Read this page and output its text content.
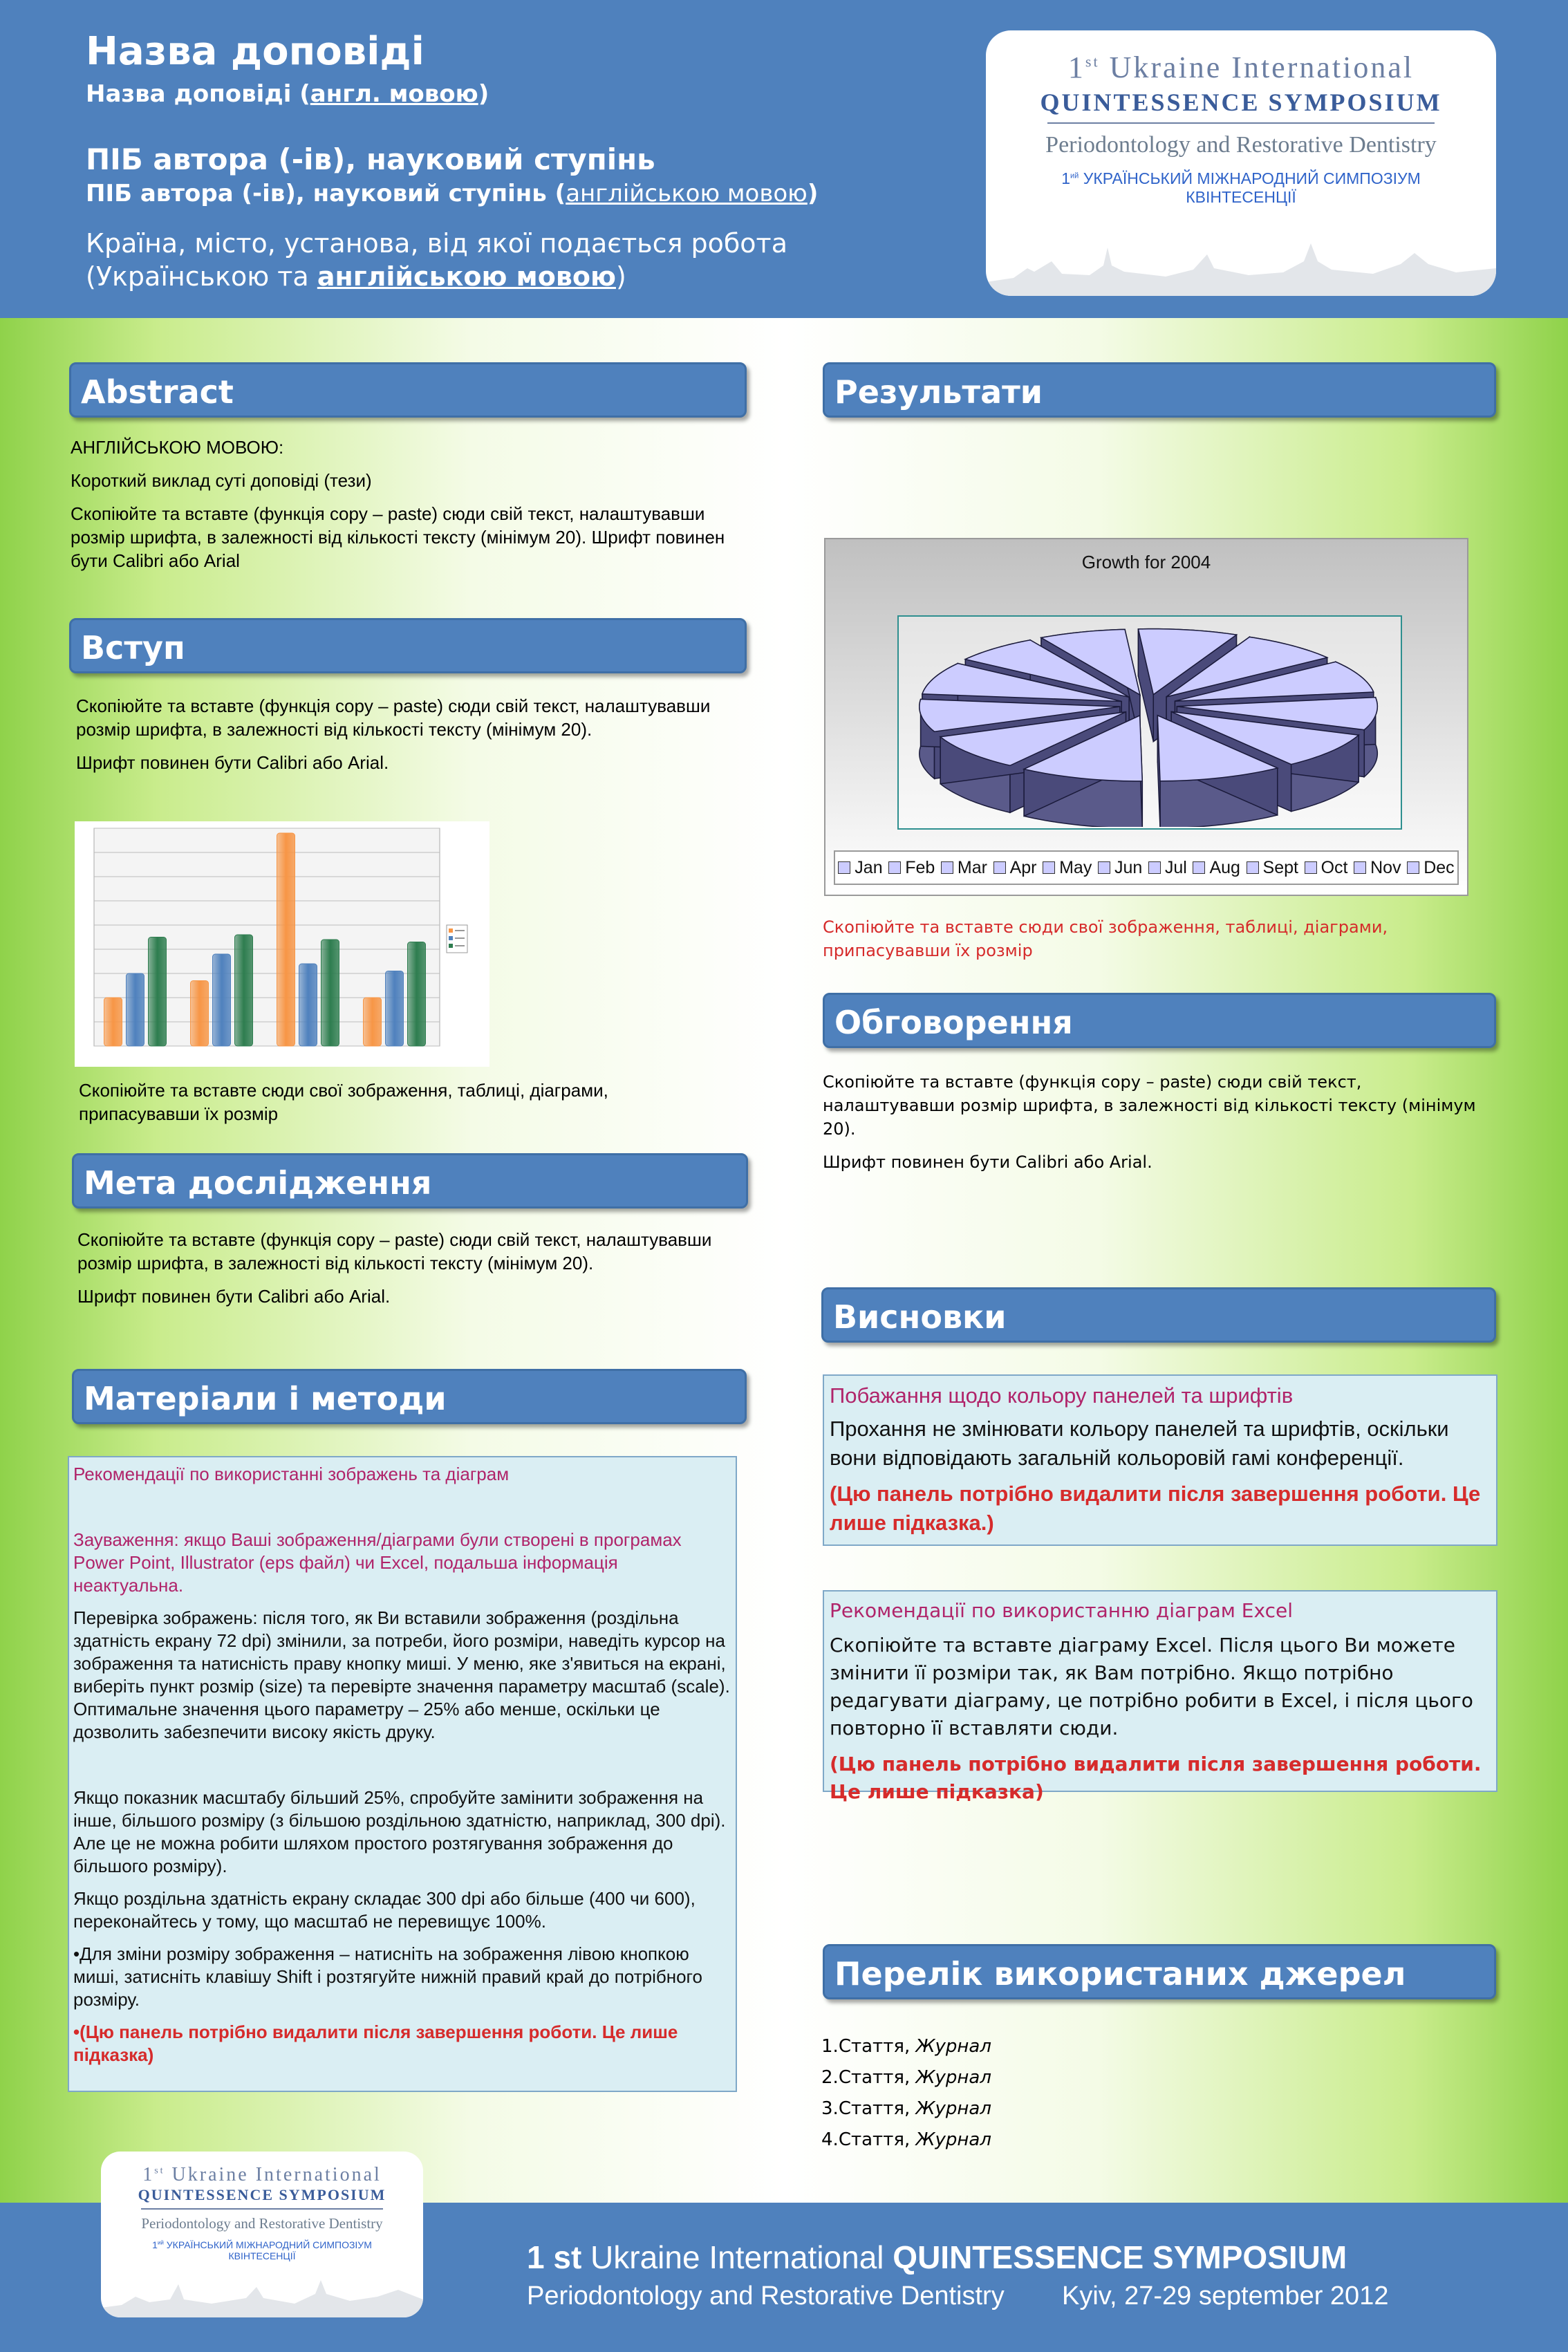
Назва доповіді
Назва доповіді (англ. мовою)
ПІБ автора (-ів), науковий ступінь
ПІБ автора (-ів), науковий ступінь (англійською мовою)
Країна, місто, установа, від якої подається робота
(Українською та англійською мовою)
1st Ukraine International
QUINTESSENCE SYMPOSIUM
Periodontology and Restorative Dentistry
$1^{ий}$ УКРАЇНСЬКИЙ МІЖНАРОДНИЙ СИМПОЗІУМ
КВІНТЕСЕНЦІЇ
Abstract

АНГЛІЙСЬКОЮ МОВОЮ:

Короткий виклад суті доповіді (тези)

Скопіюйте та вставте (функція copy – paste) сюди свій текст, налаштувавши розмір шрифта, в залежності від кількості тексту (мінімум 20). Шрифт повинен бути Calibri або Arial

Вступ

Скопіюйте та вставте (функція copy – paste) сюди свій текст, налаштувавши розмір шрифта, в залежності від кількості тексту (мінімум 20).

Шрифт повинен бути Calibri або Arial.

Скопіюйте та вставте сюди свої зображення, таблиці, діаграми, припасувавши їх розмір
Мета дослідження

Скопіюйте та вставте (функція copy – paste) сюди свій текст, налаштувавши розмір шрифта, в залежності від кількості тексту (мінімум 20).

Шрифт повинен бути Calibri або Arial.

Матеріали і методи
Рекомендації по використанні зображень та діаграм
Зауваження: якщо Ваші зображення/діаграми були створені в програмах Power Point, Illustrator (eps файл) чи Excel, подальша інформація неактуальна.
Перевірка зображень: після того, як Ви вставили зображення (роздільна здатність екрану 72 dpi) змінили, за потреби, його розміри, наведіть курсор на зображення та натисність праву кнопку миші. У меню, яке з'явиться на екрані, виберіть пункт розмір (size) та перевірте значення параметру масштаб (scale). Оптимальне значення цього параметру – 25% або менше, оскільки це дозволить забезпечити високу якість друку.
Якщо показник масштабу більший 25%, спробуйте замінити зображення на інше, більшого розміру (з більшою роздільною здатністю, наприклад, 300 dpi). Але це не можна робити шляхом простого розтягування зображення до більшого розміру).
Якщо роздільна здатність екрану складає 300 dpi або більше (400 чи 600), переконайтесь у тому, що масштаб не перевищує 100%.
•Для зміни розміру зображення – натисніть на зображення лівою кнопкою миші, затисніть клавішу Shift і розтягуйте нижній правий край до потрібного розміру.
•(Цю панель потрібно видалити після завершення роботи. Це лише підказка)
1st Ukraine International
QUINTESSENCE SYMPOSIUM
Periodontology and Restorative Dentistry
$1^{ий}$ УКРАЇНСЬКИЙ МІЖНАРОДНИЙ СИМПОЗІУМ
КВІНТЕСЕНЦІЇ
Результати
Growth for 2004
Jan Feb Mar Apr May Jun Jul Aug Sept Oct Nov Dec
Скопіюйте та вставте сюди свої зображення, таблиці, діаграми, припасувавши їх розмір
Обговорення

Скопіюйте та вставте (функція copy – paste) сюди свій текст, налаштувавши розмір шрифта, в залежності від кількості тексту (мінімум 20).

Шрифт повинен бути Calibri або Arial.

Висновки
Побажання щодо кольору панелей та шрифтів
Прохання не змінювати кольору панелей та шрифтів, оскільки вони відповідають загальній кольоровій гамі конференції.
(Цю панель потрібно видалити після завершення роботи. Це лише підказка.)
Рекомендації по використанню діаграм Excel
Скопіюйте та вставте діаграму Excel. Після цього Ви можете змінити її розміри так, як Вам потрібно. Якщо потрібно редагувати діаграму, це потрібно робити в Excel, і після цього повторно її вставляти сюди.
(Цю панель потрібно видалити після завершення роботи. Це лише підказка)
Перелік використаних джерел
1.Стаття, Журнал
2.Стаття, Журнал
3.Стаття, Журнал
4.Стаття, Журнал
1 st Ukraine International QUINTESSENCE SYMPOSIUM
Periodontology and Restorative Dentistry Kyiv, 27-29 september 2012
